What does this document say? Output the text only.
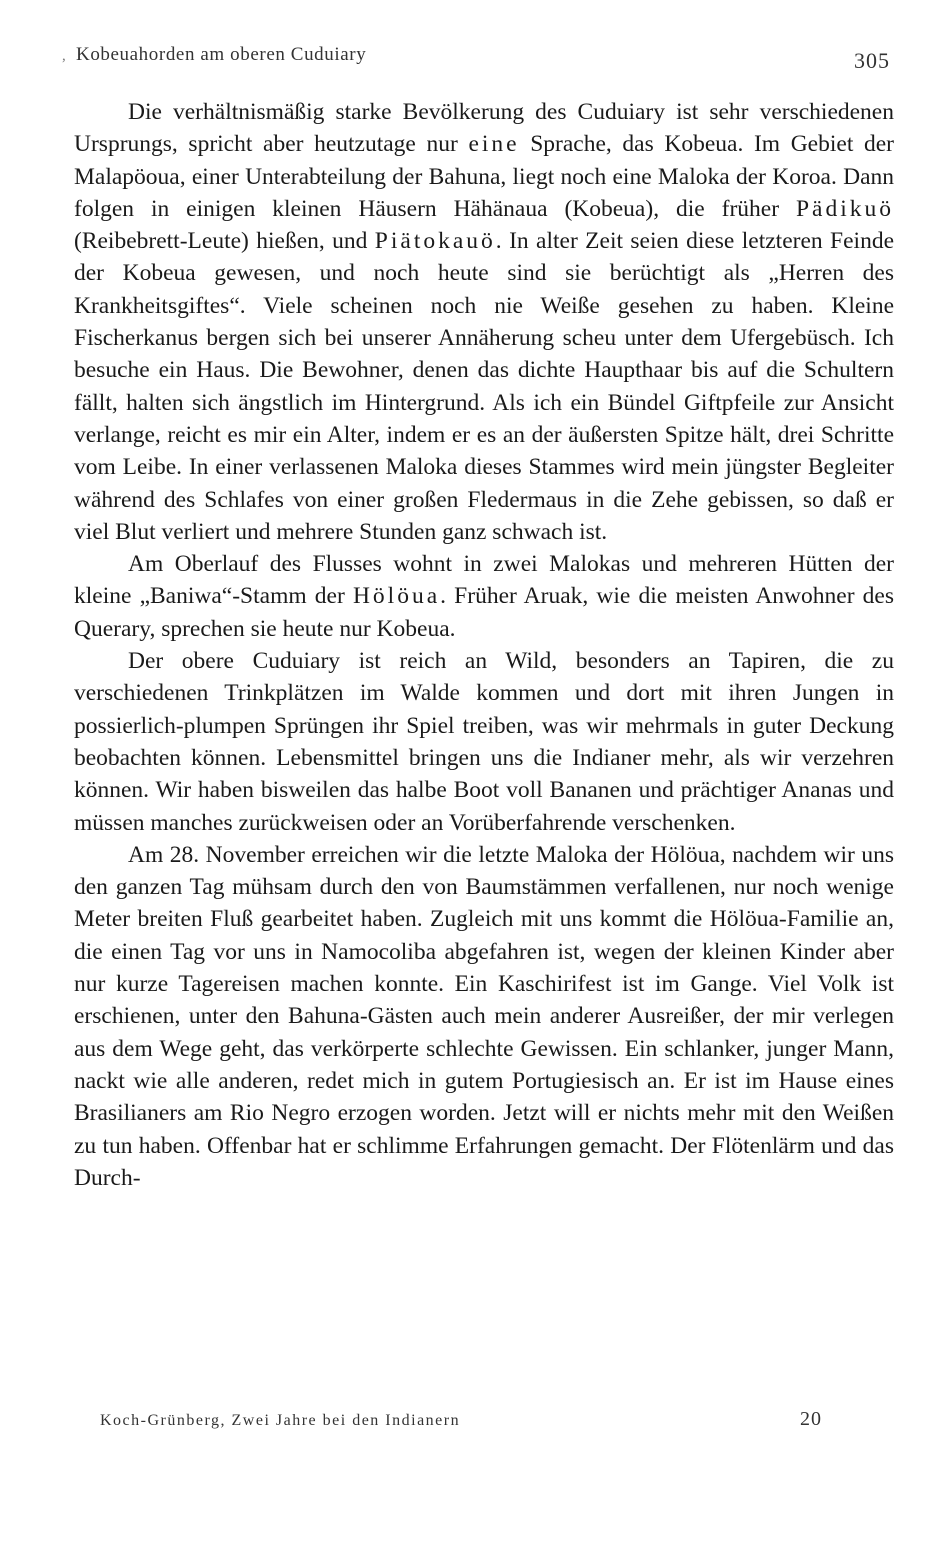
, Kobeuahorden am oberen Cuduiary	305

Die verhältnismäßig starke Bevölkerung des Cuduiary ist sehr verschiedenen Ursprungs, spricht aber heutzutage nur eine Sprache, das Kobeua. Im Gebiet der Malapöoua, einer Unterabteilung der Bahuna, liegt noch eine Maloka der Koroa. Dann folgen in einigen kleinen Häusern Hähänaua (Kobeua), die früher Pädikuö (Reibebrett-Leute) hießen, und Piätokauö. In alter Zeit seien diese letzteren Feinde der Kobeua gewesen, und noch heute sind sie berüchtigt als „Herren des Krankheitsgiftes“. Viele scheinen noch nie Weiße gesehen zu haben. Kleine Fischerkanus bergen sich bei unserer Annäherung scheu unter dem Ufergebüsch. Ich besuche ein Haus. Die Bewohner, denen das dichte Haupthaar bis auf die Schultern fällt, halten sich ängstlich im Hintergrund. Als ich ein Bündel Giftpfeile zur Ansicht verlange, reicht es mir ein Alter, indem er es an der äußersten Spitze hält, drei Schritte vom Leibe. In einer verlassenen Maloka dieses Stammes wird mein jüngster Begleiter während des Schlafes von einer großen Fledermaus in die Zehe gebissen, so daß er viel Blut verliert und mehrere Stunden ganz schwach ist.

Am Oberlauf des Flusses wohnt in zwei Malokas und mehreren Hütten der kleine „Baniwa“-Stamm der Hölöua. Früher Aruak, wie die meisten Anwohner des Querary, sprechen sie heute nur Kobeua.

Der obere Cuduiary ist reich an Wild, besonders an Tapiren, die zu verschiedenen Trinkplätzen im Walde kommen und dort mit ihren Jungen in possierlich-plumpen Sprüngen ihr Spiel treiben, was wir mehrmals in guter Deckung beobachten können. Lebensmittel bringen uns die Indianer mehr, als wir verzehren können. Wir haben bisweilen das halbe Boot voll Bananen und prächtiger Ananas und müssen manches zurückweisen oder an Vorüberfahrende verschenken.

Am 28. November erreichen wir die letzte Maloka der Hölöua, nachdem wir uns den ganzen Tag mühsam durch den von Baumstämmen verfallenen, nur noch wenige Meter breiten Fluß gearbeitet haben. Zugleich mit uns kommt die Hölöua-Familie an, die einen Tag vor uns in Namocoliba abgefahren ist, wegen der kleinen Kinder aber nur kurze Tagereisen machen konnte. Ein Kaschirifest ist im Gange. Viel Volk ist erschienen, unter den Bahuna-Gästen auch mein anderer Ausreißer, der mir verlegen aus dem Wege geht, das verkörperte schlechte Gewissen. Ein schlanker, junger Mann, nackt wie alle anderen, redet mich in gutem Portugiesisch an. Er ist im Hause eines Brasilianers am Rio Negro erzogen worden. Jetzt will er nichts mehr mit den Weißen zu tun haben. Offenbar hat er schlimme Erfahrungen gemacht. Der Flötenlärm und das Durch-

Koch-Grünberg, Zwei Jahre bei den Indianern	20
